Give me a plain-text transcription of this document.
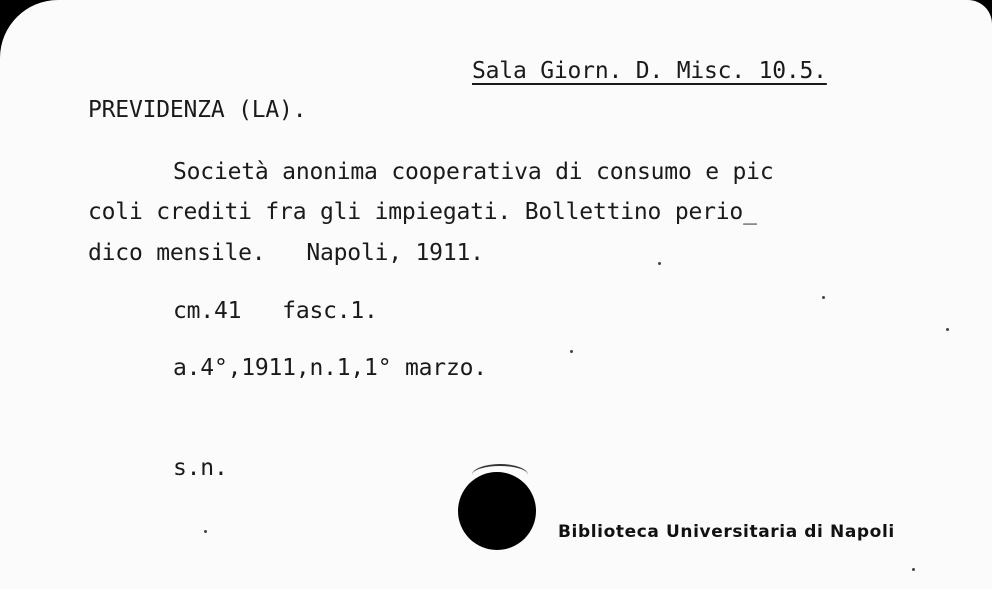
Sala Giorn. D. Misc. 10.5.
PREVIDENZA (LA).
Società anonima cooperativa di consumo e pic
coli crediti fra gli impiegati. Bollettino perio_
dico mensile.   Napoli, 1911.
cm.41   fasc.1.
a.4°,1911,n.1,1° marzo.
s.n.
Biblioteca Universitaria di Napoli
